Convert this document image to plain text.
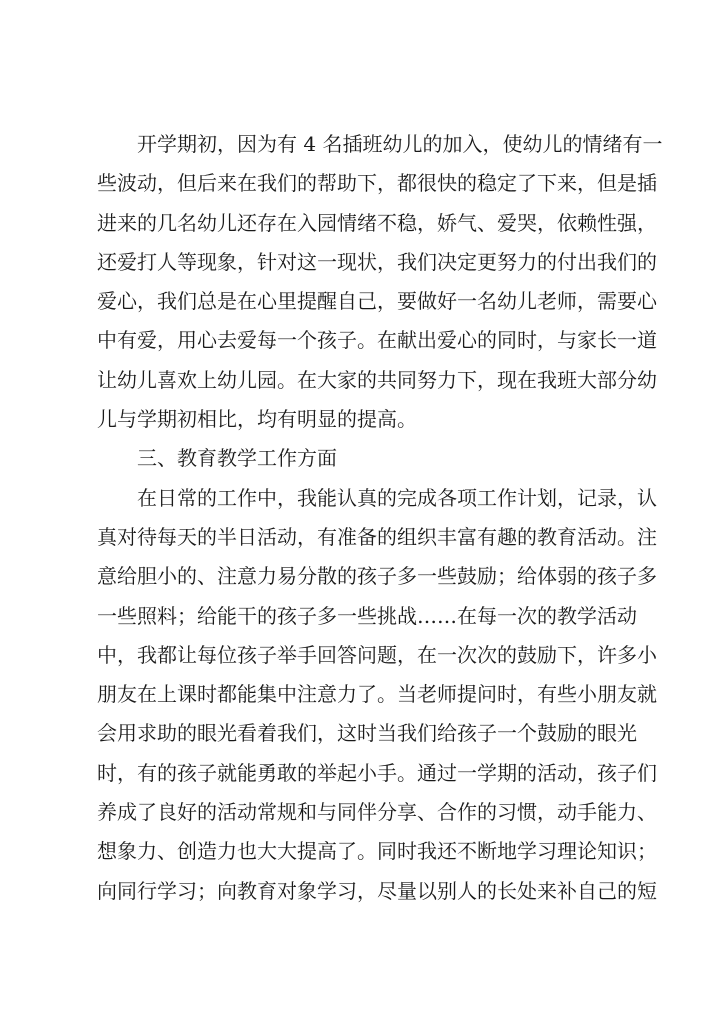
开学期初，因为有 4 名插班幼儿的加入，使幼儿的情绪有一
些波动，但后来在我们的帮助下，都很快的稳定了下来，但是插
进来的几名幼儿还存在入园情绪不稳，娇气、爱哭，依赖性强，
还爱打人等现象，针对这一现状，我们决定更努力的付出我们的
爱心，我们总是在心里提醒自己，要做好一名幼儿老师，需要心
中有爱，用心去爱每一个孩子。在献出爱心的同时，与家长一道
让幼儿喜欢上幼儿园。在大家的共同努力下，现在我班大部分幼
儿与学期初相比，均有明显的提高。
三、教育教学工作方面
在日常的工作中，我能认真的完成各项工作计划，记录，认
真对待每天的半日活动，有准备的组织丰富有趣的教育活动。注
意给胆小的、注意力易分散的孩子多一些鼓励；给体弱的孩子多
一些照料；给能干的孩子多一些挑战……在每一次的教学活动
中，我都让每位孩子举手回答问题，在一次次的鼓励下，许多小
朋友在上课时都能集中注意力了。当老师提问时，有些小朋友就
会用求助的眼光看着我们，这时当我们给孩子一个鼓励的眼光
时，有的孩子就能勇敢的举起小手。通过一学期的活动，孩子们
养成了良好的活动常规和与同伴分享、合作的习惯，动手能力、
想象力、创造力也大大提高了。同时我还不断地学习理论知识；
向同行学习；向教育对象学习，尽量以别人的长处来补自己的短
